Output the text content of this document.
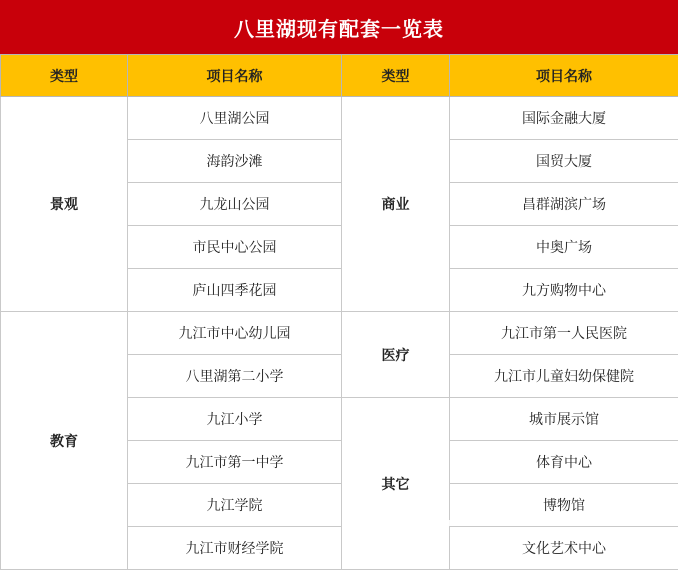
八里湖现有配套一览表
类型	项目名称	类型	项目名称
景观	八里湖公园	商业	国际金融大厦
	海韵沙滩		国贸大厦
	九龙山公园		昌群湖滨广场
	市民中心公园		中奥广场
	庐山四季花园		九方购物中心
教育	九江市中心幼儿园	医疗	九江市第一人民医院
	八里湖第二小学		九江市儿童妇幼保健院
	九江小学	其它	城市展示馆
	九江市第一中学		体育中心
	九江学院		博物馆
	九江市财经学院		文化艺术中心
